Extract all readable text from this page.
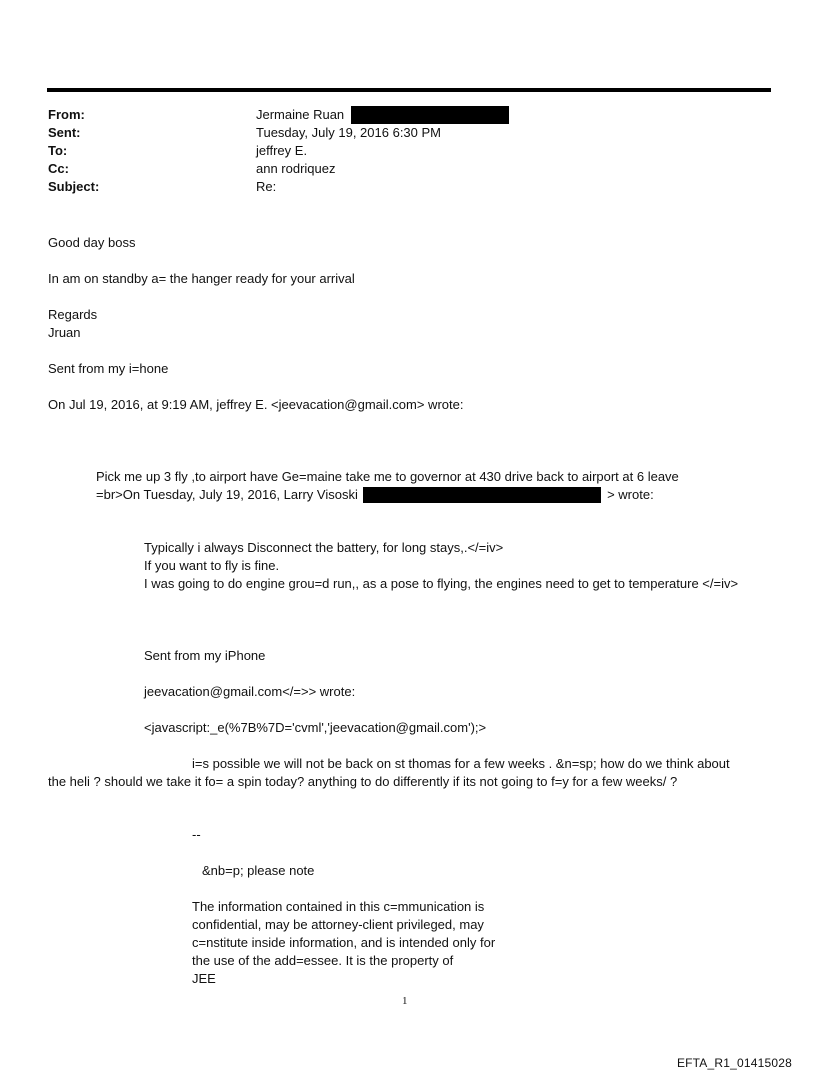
From:	Jermaine Ruan
Sent:	Tuesday, July 19, 2016 6:30 PM
To:	jeffrey E.
Cc:	ann rodriquez
Subject:	Re:
Good day boss
In am on standby a= the hanger ready for your arrival
Regards
Jruan
Sent from my i=hone
On Jul 19, 2016, at 9:19 AM, jeffrey E. <jeevacation@gmail.com> wrote:
Pick me up 3 fly ,to airport have Ge=maine take me to governor at 430 drive back to airport at 6 leave
=br>On Tuesday, July 19, 2016, Larry Visoski	> wrote:
Typically i always Disconnect the battery, for long stays,.</=iv>
If you want to fly is fine.
I was going to do engine grou=d run,, as a pose to flying, the engines need to get to temperature </=iv>
Sent from my iPhone
jeevacation@gmail.com</=>> wrote:
<javascript:_e(%7B%7D='cvml','jeevacation@gmail.com');>
i=s possible we will not be back on st thomas for a few weeks . &n=sp; how do we think about
the heli ? should we take it fo= a spin today? anything to do differently if its not going to f=y for a few weeks/ ?
--
&nb=p; please note
The information contained in this c=mmunication is
confidential, may be attorney-client privileged, may
c=nstitute inside information, and is intended only for
the use of the add=essee. It is the property of
JEE
1
EFTA_R1_01415028
